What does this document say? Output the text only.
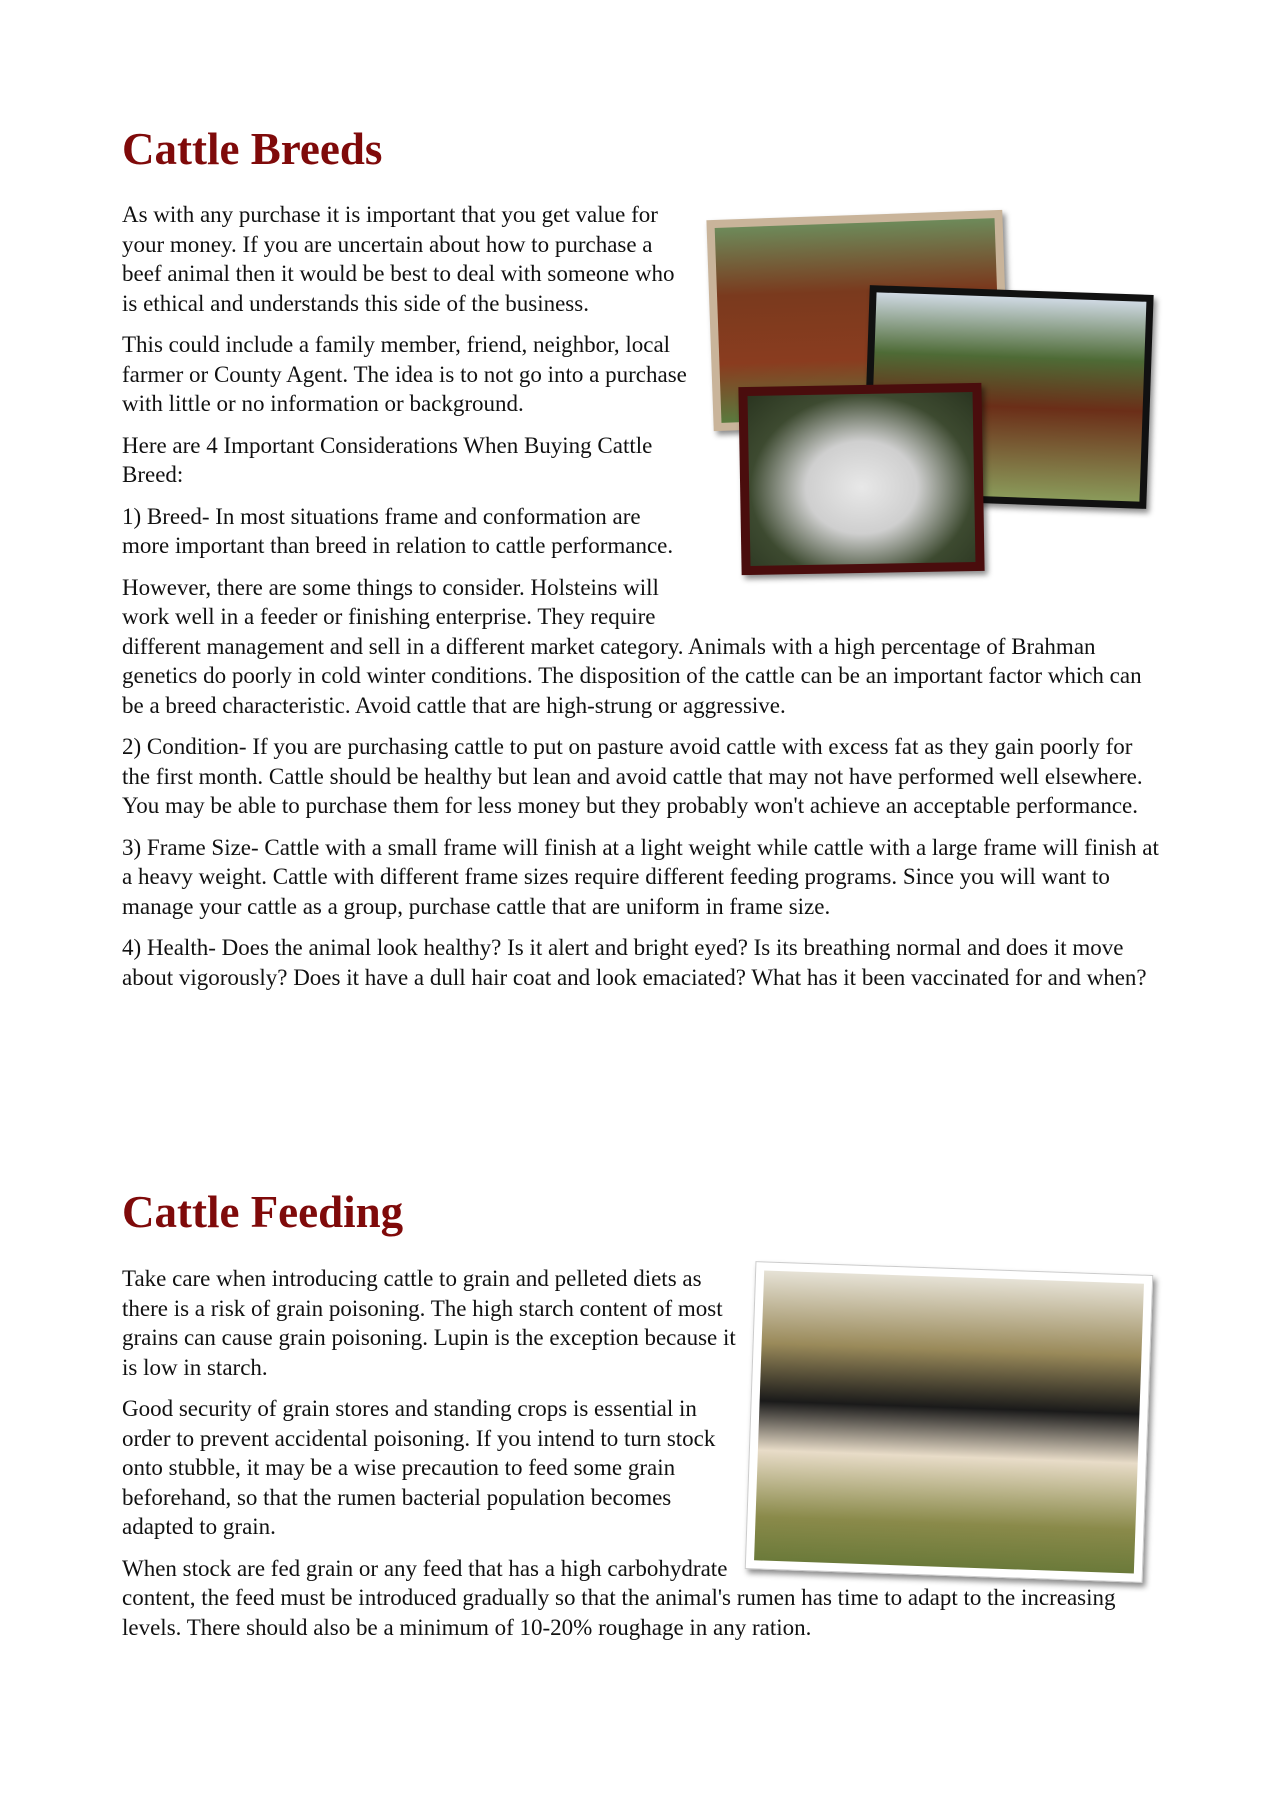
Cattle Breeds

As with any purchase it is important that you get value for your money. If you are uncertain about how to purchase a beef animal then it would be best to deal with someone who is ethical and understands this side of the business.

This could include a family member, friend, neighbor, local farmer or County Agent. The idea is to not go into a purchase with little or no information or background.

Here are 4 Important Considerations When Buying Cattle Breed:

1) Breed- In most situations frame and conformation are more important than breed in relation to cattle performance.

However, there are some things to consider. Holsteins will work well in a feeder or finishing enterprise. They require different management and sell in a different market category. Animals with a high percentage of Brahman genetics do poorly in cold winter conditions. The disposition of the cattle can be an important factor which can be a breed characteristic. Avoid cattle that are high-strung or aggressive.

2) Condition- If you are purchasing cattle to put on pasture avoid cattle with excess fat as they gain poorly for the first month. Cattle should be healthy but lean and avoid cattle that may not have performed well elsewhere. You may be able to purchase them for less money but they probably won't achieve an acceptable performance.

3) Frame Size- Cattle with a small frame will finish at a light weight while cattle with a large frame will finish at a heavy weight. Cattle with different frame sizes require different feeding programs. Since you will want to manage your cattle as a group, purchase cattle that are uniform in frame size.

4) Health- Does the animal look healthy? Is it alert and bright eyed? Is its breathing normal and does it move about vigorously? Does it have a dull hair coat and look emaciated? What has it been vaccinated for and when?

Cattle Feeding

Take care when introducing cattle to grain and pelleted diets as there is a risk of grain poisoning. The high starch content of most grains can cause grain poisoning. Lupin is the exception because it is low in starch.

Good security of grain stores and standing crops is essential in order to prevent accidental poisoning. If you intend to turn stock onto stubble, it may be a wise precaution to feed some grain beforehand, so that the rumen bacterial population becomes adapted to grain.

When stock are fed grain or any feed that has a high carbohydrate content, the feed must be introduced gradually so that the animal's rumen has time to adapt to the increasing levels. There should also be a minimum of 10-20% roughage in any ration.
